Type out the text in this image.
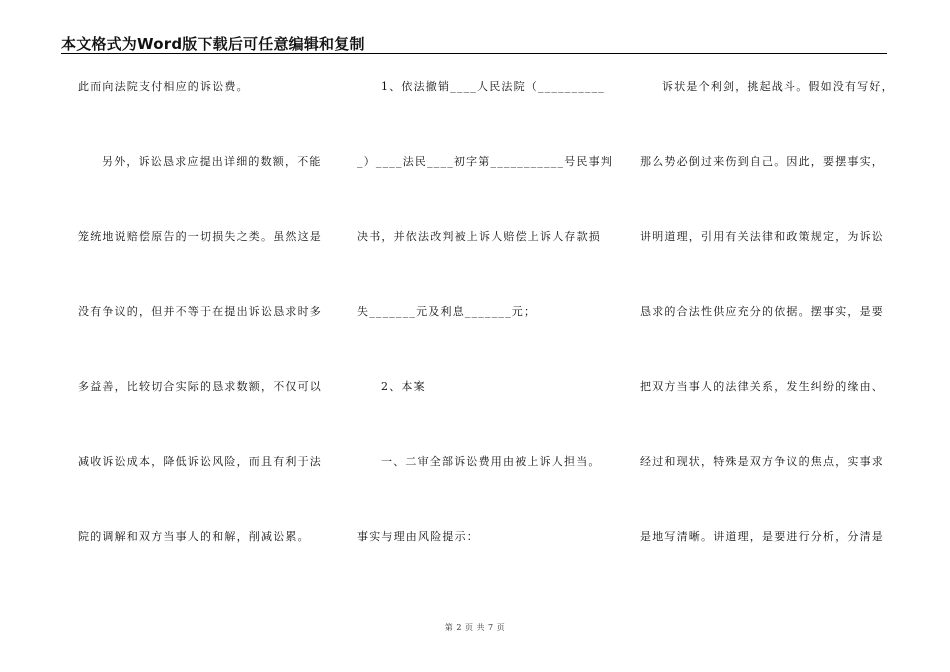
本文格式为Word版下载后可任意编辑和复制
此而向法院支付相应的诉讼费。
另外，诉讼恳求应提出详细的数额，不能
笼统地说赔偿原告的一切损失之类。虽然这是
没有争议的，但并不等于在提出诉讼恳求时多
多益善，比较切合实际的恳求数额，不仅可以
减收诉讼成本，降低诉讼风险，而且有利于法
院的调解和双方当事人的和解，削减讼累。
1、依法撤销____人民法院（__________
_）____法民____初字第___________号民事判
决书，并依法改判被上诉人赔偿上诉人存款损
失_______元及利息_______元；
2、本案
一、二审全部诉讼费用由被上诉人担当。
事实与理由风险提示：
诉状是个利剑，挑起战斗。假如没有写好，
那么势必倒过来伤到自己。因此，要摆事实，
讲明道理，引用有关法律和政策规定，为诉讼
恳求的合法性供应充分的依据。摆事实，是要
把双方当事人的法律关系，发生纠纷的缘由、
经过和现状，特殊是双方争议的焦点，实事求
是地写清晰。讲道理，是要进行分析，分清是
第 2 页 共 7 页
